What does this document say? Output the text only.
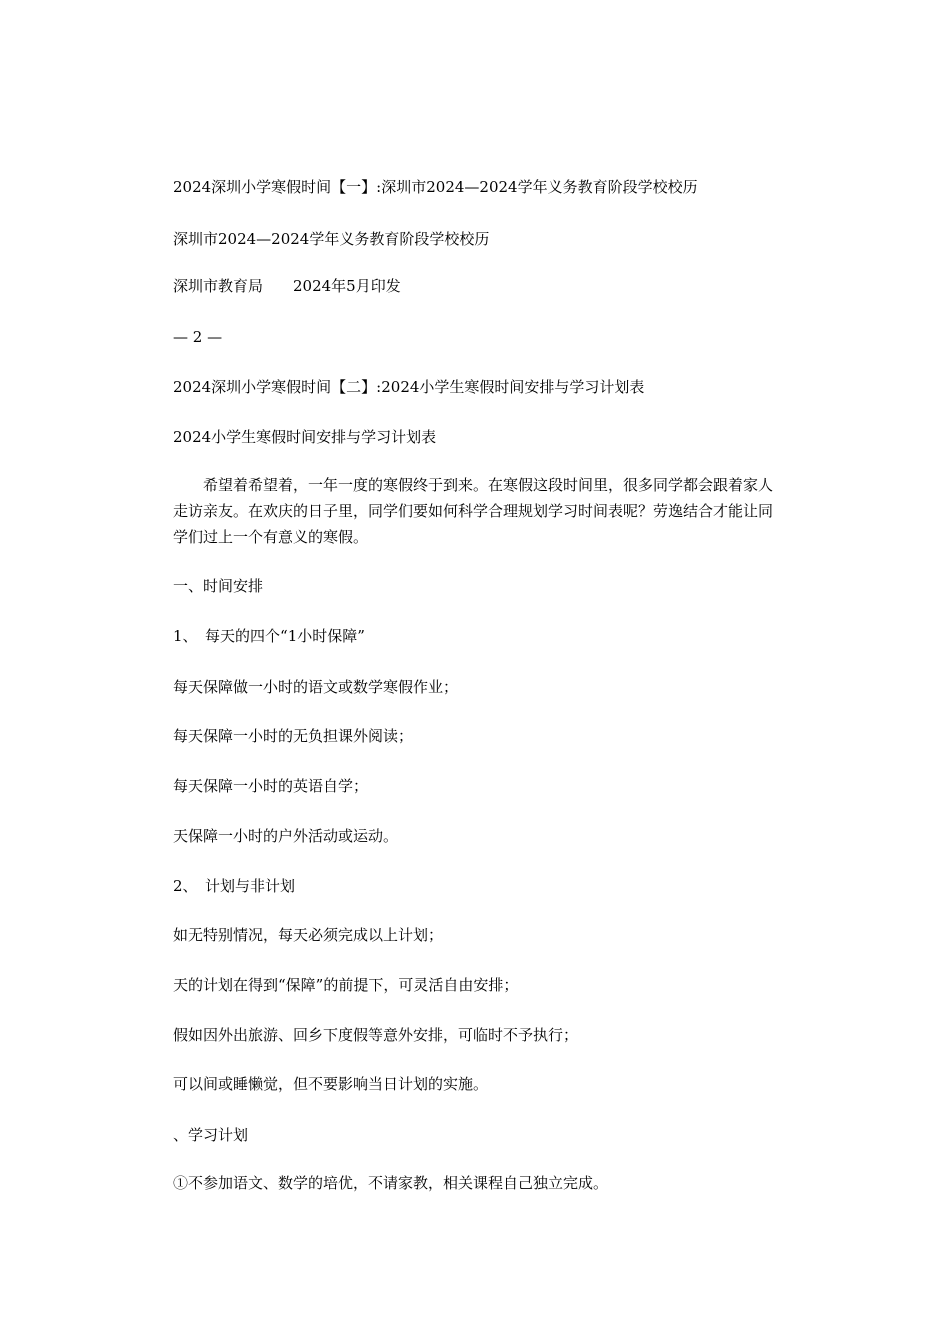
2024深圳小学寒假时间【一】:深圳市2024—2024学年义务教育阶段学校校历
深圳市2024—2024学年义务教育阶段学校校历
深圳市教育局　　2024年5月印发
— 2 —
2024深圳小学寒假时间【二】:2024小学生寒假时间安排与学习计划表
2024小学生寒假时间安排与学习计划表
希望着希望着，一年一度的寒假终于到来。在寒假这段时间里，很多同学都会跟着家人
走访亲友。在欢庆的日子里，同学们要如何科学合理规划学习时间表呢？劳逸结合才能让同
学们过上一个有意义的寒假。
一、时间安排
1、　每天的四个“1小时保障”
每天保障做一小时的语文或数学寒假作业；
每天保障一小时的无负担课外阅读；
每天保障一小时的英语自学；
天保障一小时的户外活动或运动。
2、　计划与非计划
如无特别情况，每天必须完成以上计划；
天的计划在得到“保障”的前提下，可灵活自由安排；
假如因外出旅游、回乡下度假等意外安排，可临时不予执行；
可以间或睡懒觉，但不要影响当日计划的实施。
、学习计划
①不参加语文、数学的培优，不请家教，相关课程自己独立完成。
